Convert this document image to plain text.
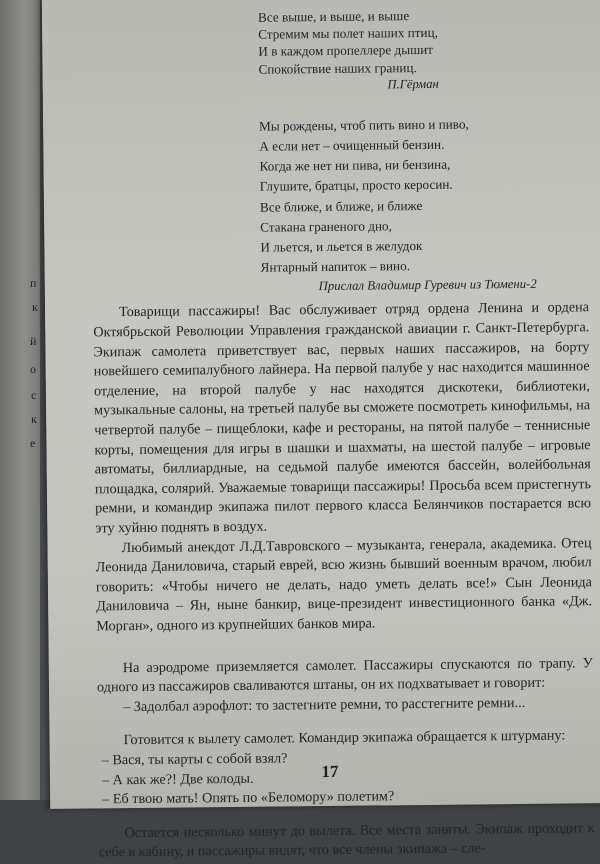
п
к
й
о
с
к
е
Все выше, и выше, и выше
Стремим мы полет наших птиц,
И в каждом пропеллере дышит
Спокойствие наших границ.
П.Гёрман
Мы рождены, чтоб пить вино и пиво,
А если нет – очищенный бензин.
Когда же нет ни пива, ни бензина,
Глушите, братцы, просто керосин.
Все ближе, и ближе, и ближе
Стакана граненого дно,
И льется, и льется в желудок
Янтарный напиток – вино.
Прислал Владимир Гуревич из Тюмени-2

Товарищи пассажиры! Вас обслуживает отряд ордена Ленина и ордена Октябрьской Революции Управления гражданской авиации г. Санкт-Петербурга. Экипаж самолета приветствует вас, первых наших пассажиров, на борту новейшего семипалубного лайнера. На первой палубе у нас находится машинное отделение, на второй палубе у нас находятся дискотеки, библиотеки, музыкальные салоны, на третьей палубе вы сможете посмотреть кинофильмы, на четвертой палубе – пищеблоки, кафе и рестораны, на пятой палубе – теннисные корты, помещения для игры в шашки и шахматы, на шестой палубе – игровые автоматы, биллиардные, на седьмой палубе имеются бассейн, волейбольная площадка, солярий. Уважаемые товарищи пассажиры! Просьба всем пристегнуть ремни, и командир экипажа пилот первого класса Белянчиков постарается всю эту хуйню поднять в воздух.

Любимый анекдот Л.Д.Тавровского – музыканта, генерала, академика. Отец Леонида Даниловича, старый еврей, всю жизнь бывший военным врачом, любил говорить: «Чтобы ничего не делать, надо уметь делать все!» Сын Леонида Даниловича – Ян, ныне банкир, вице-президент инвестиционного банка «Дж. Морган», одного из крупнейших банков мира.

На аэродроме приземляется самолет. Пассажиры спускаются по трапу. У одного из пассажиров сваливаются штаны, он их подхватывает и говорит:

– Задолбал аэрофлот: то застегните ремни, то расстегните ремни...

Готовится к вылету самолет. Командир экипажа обращается к штурману:

– Вася, ты карты с собой взял?

– А как же?! Две колоды.

– Еб твою мать! Опять по «Беломору» полетим?

Остается несколько минут до вылета. Все места заняты. Экипаж проходит к себе в кабину, и пассажиры видят, что все члены экипажа – сле-

17
